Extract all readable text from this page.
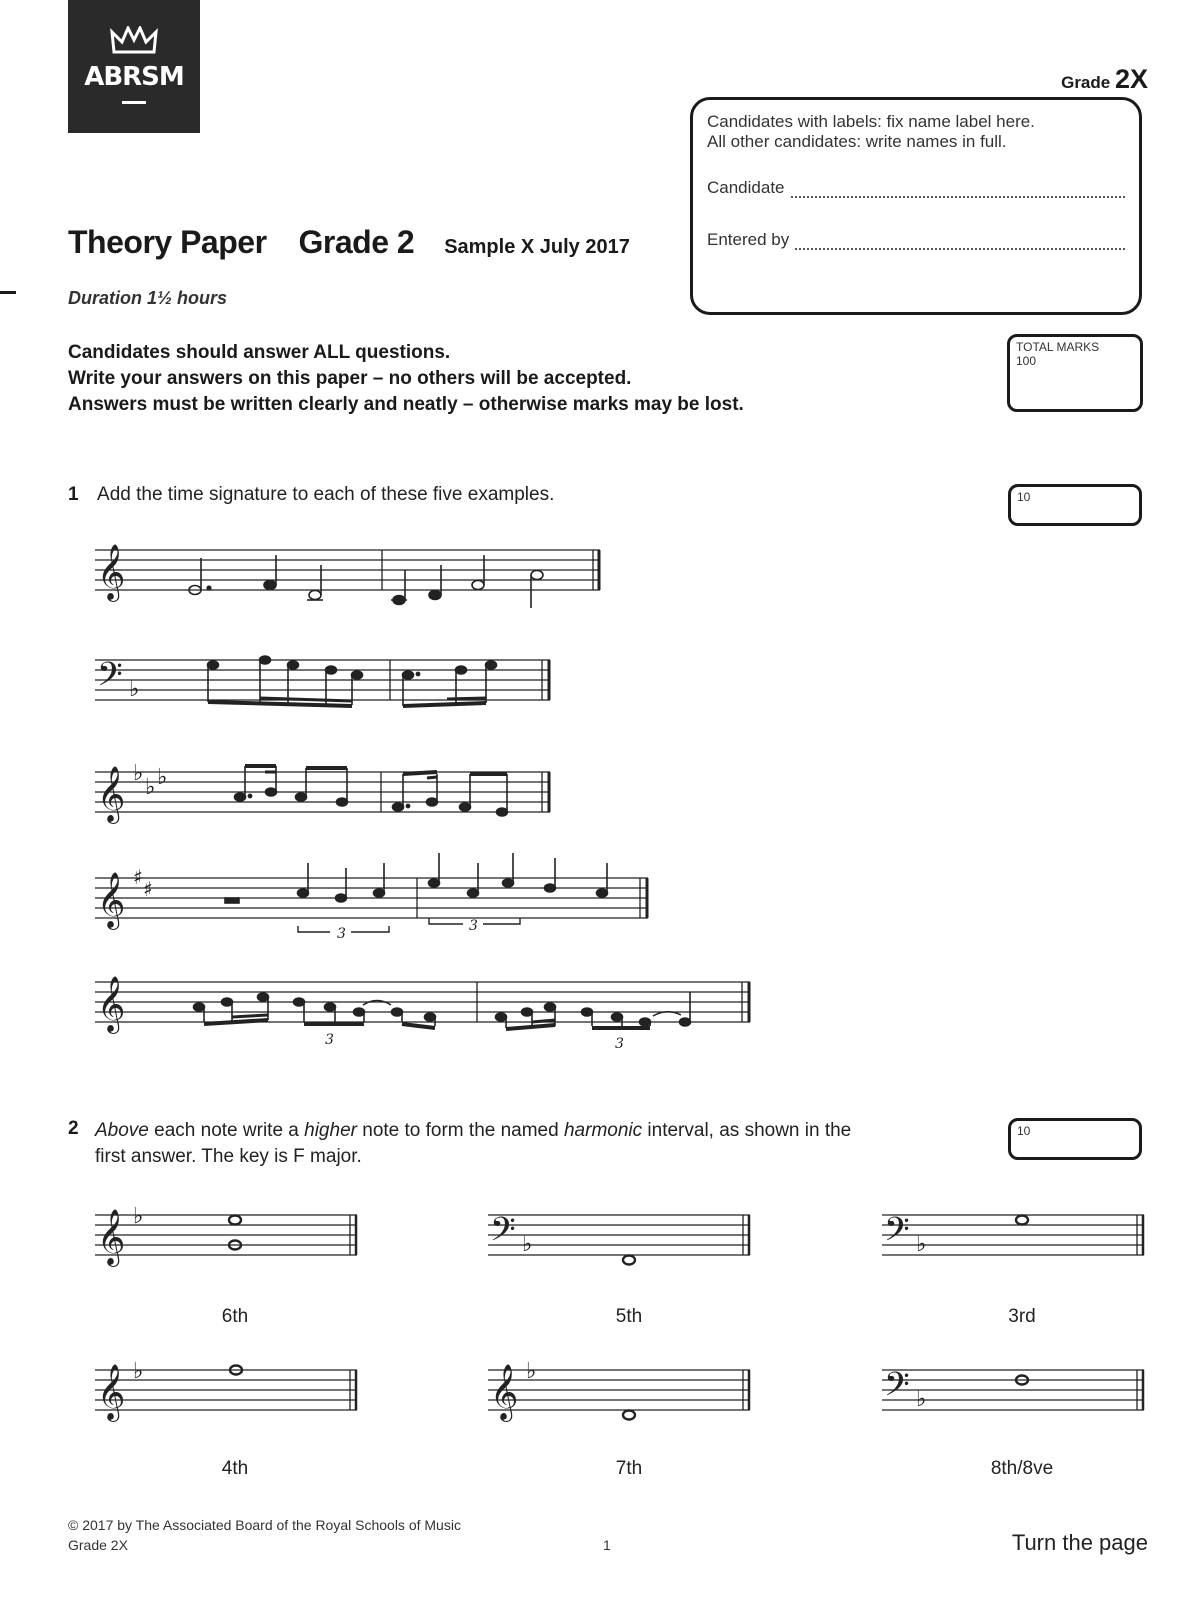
ABRSM	Grade 2X
Candidates with labels: fix name label here.
All other candidates: write names in full.
Candidate
Entered by
Theory Paper Grade 2 Sample X July 2017
Duration 1½ hours
Candidates should answer ALL questions.
Write your answers on this paper – no others will be accepted.
Answers must be written clearly and neatly – otherwise marks may be lost.
TOTAL MARKS
100
1 Add the time signature to each of these five examples.	10
𝄞
𝄢 ♭
𝄞 ♭
♭ ♭
𝄞 ♯ ♯
3	3
𝄞
3	3
2 Above each note write a higher note to form the named harmonic interval, as shown in the
first answer. The key is F major.
10
𝄞 ♭	𝄢 ♭	𝄢 ♭
6th	5th	3rd
𝄞 ♭	𝄞 ♭	𝄢 ♭
4th	7th	8th/8ve
© 2017 by The Associated Board of the Royal Schools of Music
Grade 2X	1	Turn the page
